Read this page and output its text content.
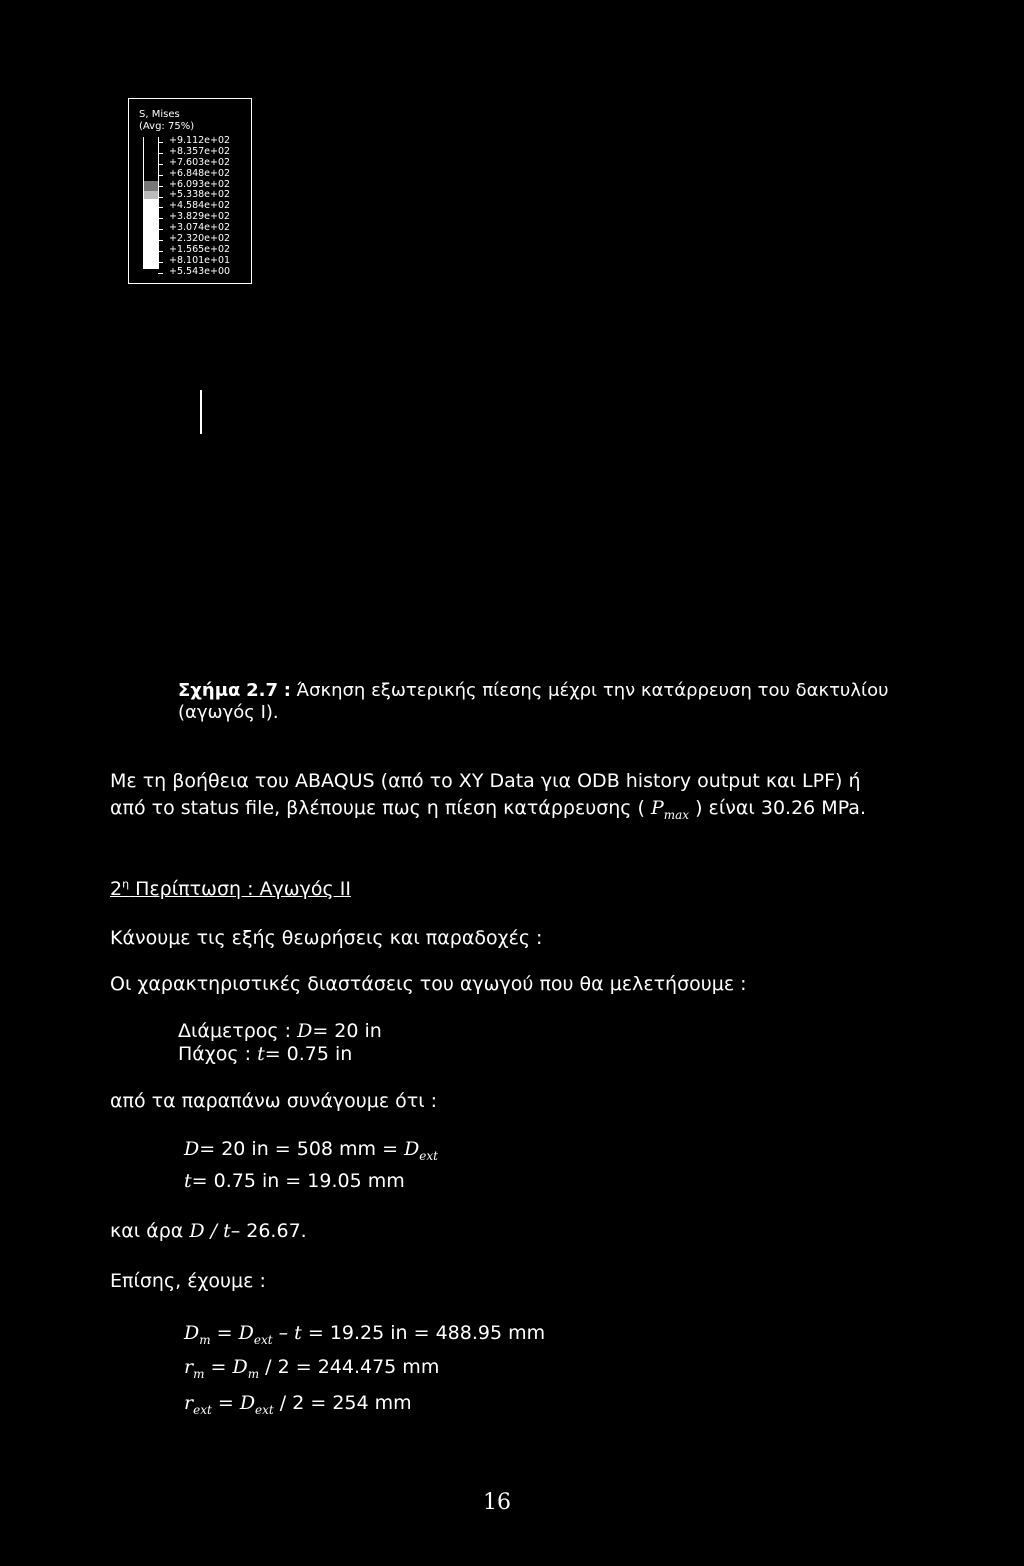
S, Mises
(Avg: 75%)
+9.112e+02
+8.357e+02
+7.603e+02
+6.848e+02
+6.093e+02
+5.338e+02
+4.584e+02
+3.829e+02
+3.074e+02
+2.320e+02
+1.565e+02
+8.101e+01
+5.543e+00
Σχήμα 2.7 : Άσκηση εξωτερικής πίεσης μέχρι την κατάρρευση του δακτυλίου
(αγωγός Ι).
Με τη βοήθεια του ABAQUS (από το XY Data για ODB history output και LPF) ή
από το status file, βλέπουμε πως η πίεση κατάρρευσης ( $P_{max}$ ) είναι 30.26 MPa.
$2^\eta$ Περίπτωση : Αγωγός ΙΙ
Κάνουμε τις εξής θεωρήσεις και παραδοχές :
Οι χαρακτηριστικές διαστάσεις του αγωγού που θα μελετήσουμε :
Διάμετρος : D= 20 in
Πάχος : t= 0.75 in
από τα παραπάνω συνάγουμε ότι :
D= 20 in = 508 mm = $D_{ext}$
t= 0.75 in = 19.05 mm
και άρα D / t– 26.67.
Επίσης, έχουμε :
$D_m = D_{ext} - t = 19.25$ in = 488.95 mm
$r_m = D_m / 2 = 244.475$ mm
$r_{ext} = D_{ext} / 2 = 254$ mm
16
